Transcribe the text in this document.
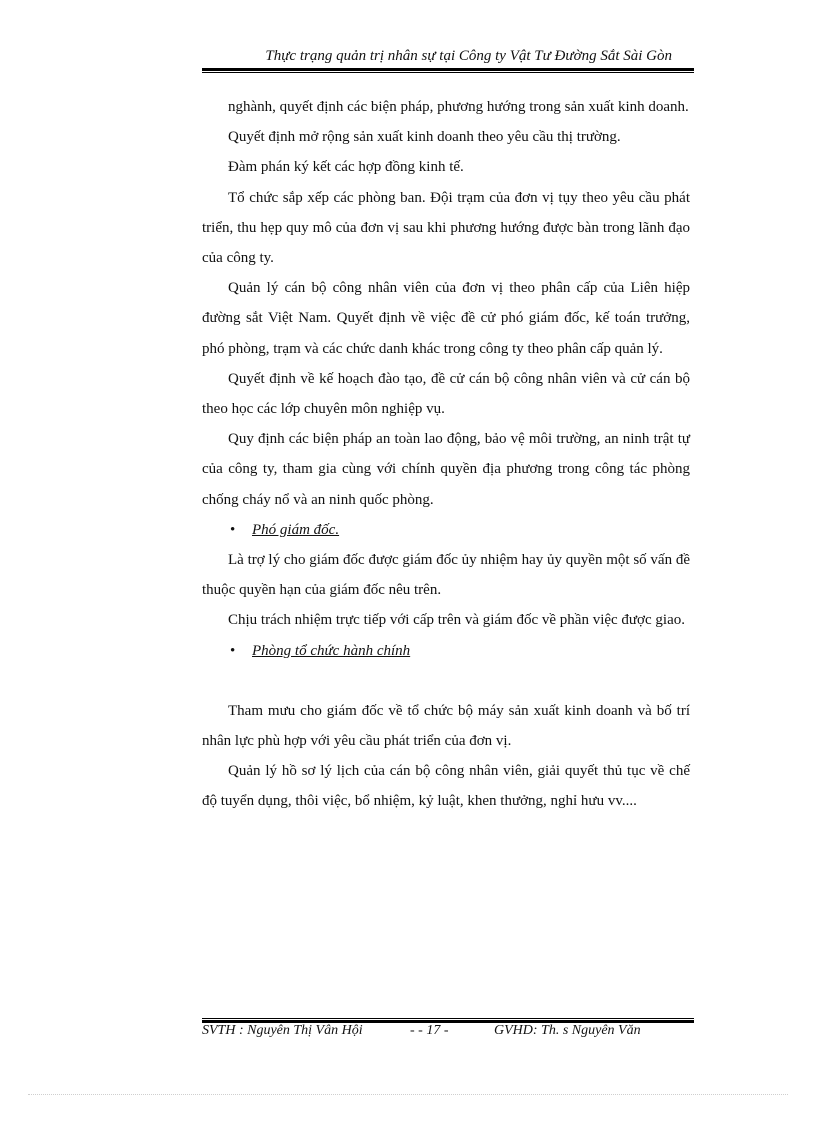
Thực trạng quản trị nhân sự tại Công ty Vật Tư Đường Sắt Sài Gòn

nghành, quyết định các biện pháp, phương hướng trong sản xuất kinh doanh.

Quyết định mở rộng sản xuất kinh doanh theo yêu cầu thị trường.

Đàm phán ký kết các hợp đồng kinh tế.

Tổ chức sắp xếp các phòng ban. Đội trạm của đơn vị tụy theo yêu cầu phát triển, thu hẹp quy mô của đơn vị sau khi phương hướng được bàn trong lãnh đạo của công ty.

Quản lý cán bộ công nhân viên của đơn vị theo phân cấp của Liên hiệp đường sắt Việt Nam. Quyết định về việc đề cử phó giám đốc, kế toán trưởng, phó phòng, trạm và các chức danh khác trong công ty theo phân cấp quản lý.

Quyết định về kế hoạch đào tạo, đề cử cán bộ công nhân viên và cử cán bộ theo học các lớp chuyên môn nghiệp vụ.

Quy định các biện pháp an toàn lao động, bảo vệ môi trường, an ninh trật tự của công ty, tham gia cùng với chính quyền địa phương trong công tác phòng chống cháy nổ và an ninh quốc phòng.

• Phó giám đốc.

Là trợ lý cho giám đốc được giám đốc ủy nhiệm hay ủy quyền một số vấn đề thuộc quyền hạn của giám đốc nêu trên.

Chịu trách nhiệm trực tiếp với cấp trên và giám đốc về phần việc được giao.

• Phòng tổ chức hành chính

Tham mưu cho giám đốc về tổ chức bộ máy sản xuất kinh doanh và bố trí nhân lực phù hợp với yêu cầu phát triển của đơn vị.

Quản lý hồ sơ lý lịch của cán bộ công nhân viên, giải quyết thủ tục về chế độ tuyển dụng, thôi việc, bổ nhiệm, kỷ luật, khen thưởng, nghỉ hưu vv....

SVTH : Nguyên Thị Vân Hội	- - 17 -	GVHD: Th. s Nguyên Văn
